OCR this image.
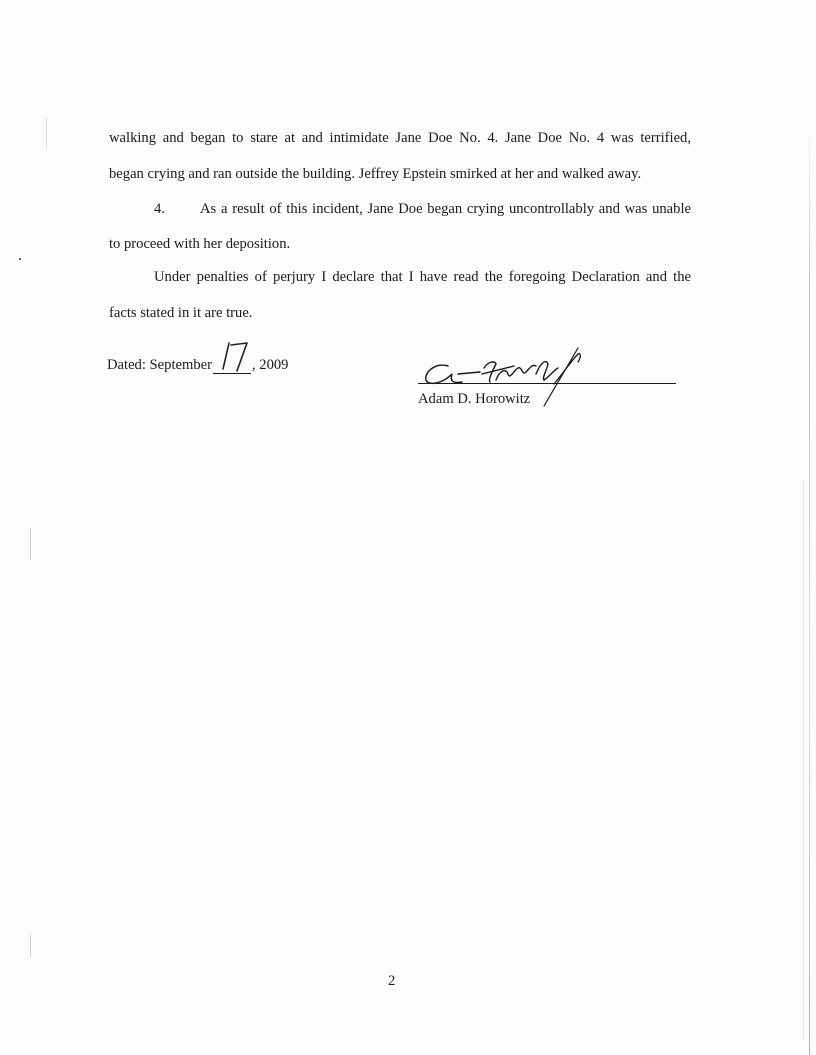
walking and began to stare at and intimidate Jane Doe No. 4. Jane Doe No. 4 was terrified,
began crying and ran outside the building. Jeffrey Epstein smirked at her and walked away.
4. As a result of this incident, Jane Doe began crying uncontrollably and was unable
to proceed with her deposition.
Under penalties of perjury I declare that I have read the foregoing Declaration and the
facts stated in it are true.
Dated: September	, 2009
Adam D. Horowitz
2
